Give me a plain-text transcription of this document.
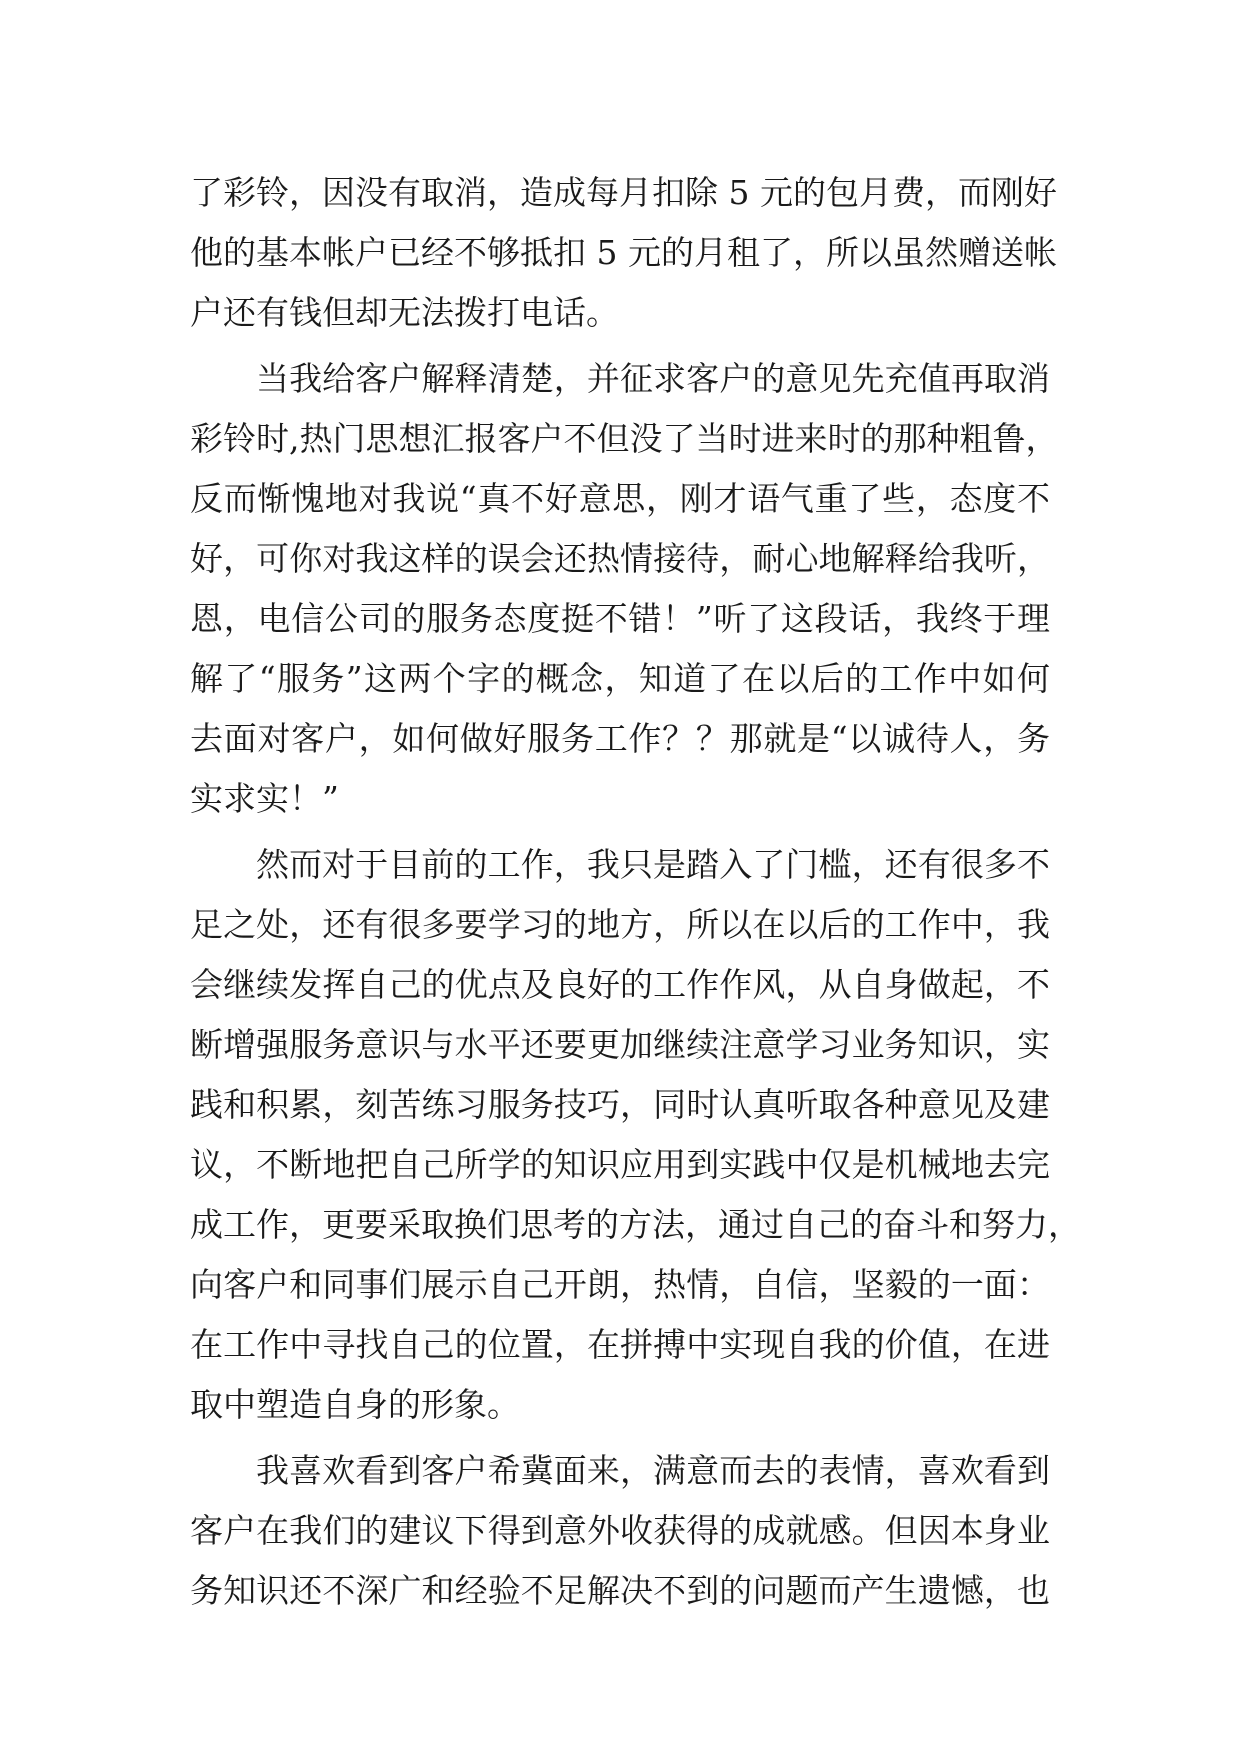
了彩铃，因没有取消，造成每月扣除 5 元的包月费，而刚好
他的基本帐户已经不够抵扣 5 元的月租了，所以虽然赠送帐
户还有钱但却无法拨打电话。
当我给客户解释清楚，并征求客户的意见先充值再取消
彩铃时,热门思想汇报客户不但没了当时进来时的那种粗鲁，
反而惭愧地对我说“真不好意思，刚才语气重了些，态度不
好，可你对我这样的误会还热情接待，耐心地解释给我听，
恩，电信公司的服务态度挺不错！”听了这段话，我终于理
解了“服务”这两个字的概念，知道了在以后的工作中如何
去面对客户，如何做好服务工作？？那就是“以诚待人，务
实求实！”
然而对于目前的工作，我只是踏入了门槛，还有很多不
足之处，还有很多要学习的地方，所以在以后的工作中，我
会继续发挥自己的优点及良好的工作作风，从自身做起，不
断增强服务意识与水平还要更加继续注意学习业务知识，实
践和积累，刻苦练习服务技巧，同时认真听取各种意见及建
议，不断地把自己所学的知识应用到实践中仅是机械地去完
成工作，更要采取换们思考的方法，通过自己的奋斗和努力，
向客户和同事们展示自己开朗，热情，自信，坚毅的一面：
在工作中寻找自己的位置，在拼搏中实现自我的价值，在进
取中塑造自身的形象。
我喜欢看到客户希冀面来，满意而去的表情，喜欢看到
客户在我们的建议下得到意外收获得的成就感。但因本身业
务知识还不深广和经验不足解决不到的问题而产生遗憾，也
